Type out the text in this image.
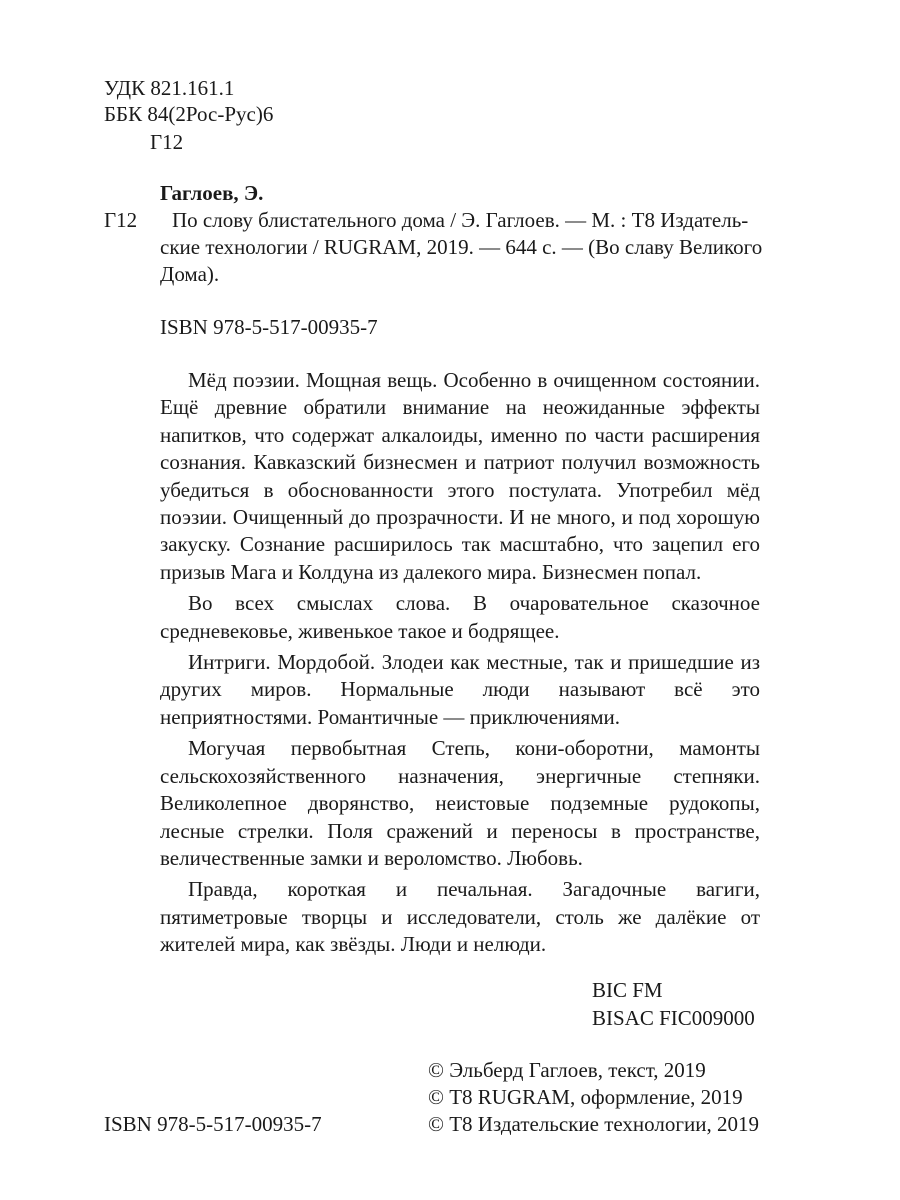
УДК 821.161.1
ББК 84(2Рос-Рус)6
Г12
Гаглоев, Э.
Г12	По слову блистательного дома / Э. Гаглоев. — М. : Т8 Издатель-
ские технологии / RUGRAM, 2019. — 644 с. — (Во славу Великого
Дома).
ISBN 978-5-517-00935-7

Мёд поэзии. Мощная вещь. Особенно в очищенном состоянии. Ещё древние обратили внимание на неожиданные эффекты напитков, что содержат алкалоиды, именно по части расширения сознания. Кавказский бизнесмен и патриот получил возможность убедиться в обоснованности этого постулата. Употребил мёд поэзии. Очищенный до прозрачности. И не много, и под хорошую закуску. Сознание расширилось так масштабно, что зацепил его призыв Мага и Колдуна из далекого мира. Бизнесмен попал.

Во всех смыслах слова. В очаровательное сказочное средневековье, живенькое такое и бодрящее.

Интриги. Мордобой. Злодеи как местные, так и пришедшие из других миров. Нормальные люди называют всё это неприятностями. Романтичные — приключениями.

Могучая первобытная Степь, кони-оборотни, мамонты сельскохозяйственного назначения, энергичные степняки. Великолепное дворянство, неистовые подземные рудокопы, лесные стрелки. Поля сражений и переносы в пространстве, величественные замки и вероломство. Любовь.

Правда, короткая и печальная. Загадочные вагиги, пятиметровые творцы и исследователи, столь же далёкие от жителей мира, как звёзды. Люди и нелюди.

BIC FM
BISAC FIC009000
© Эльберд Гаглоев, текст, 2019
© Т8 RUGRAM, оформление, 2019
© Т8 Издательские технологии, 2019
ISBN 978-5-517-00935-7
